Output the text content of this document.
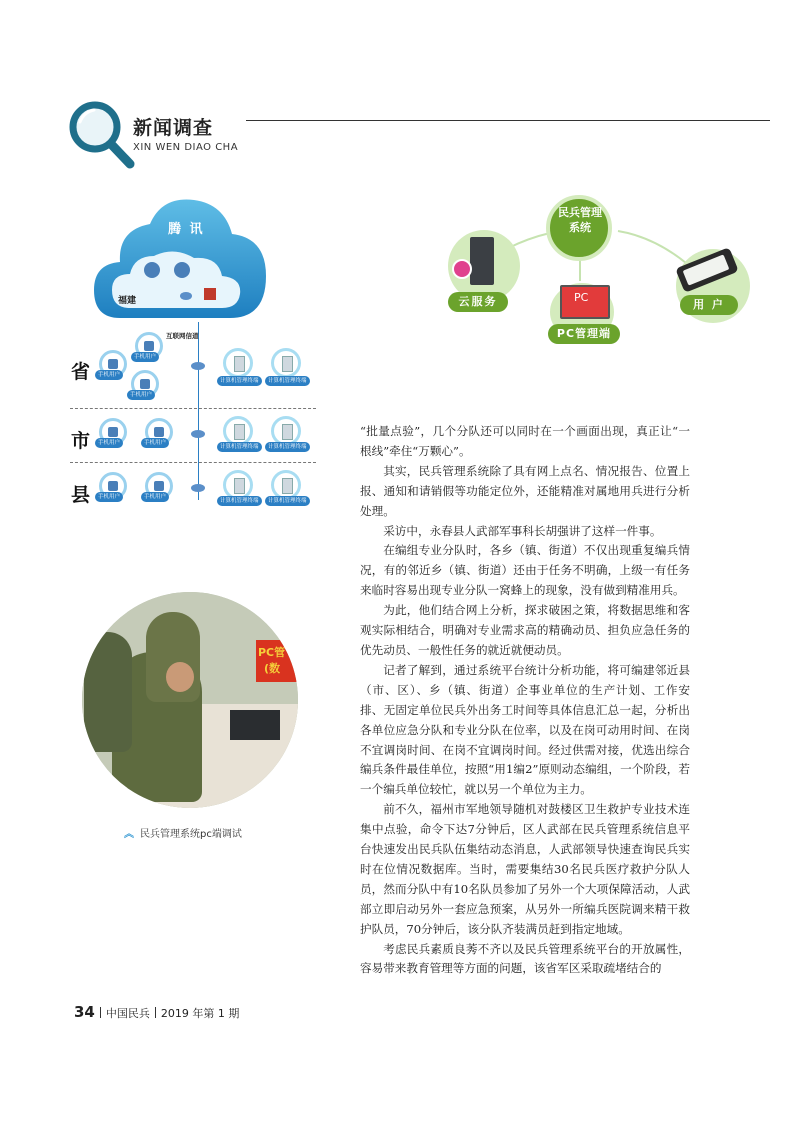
新闻调查
XIN WEN DIAO CHA
腾 讯
福建
互联网信道
省
市
县
手机用户
手机用户
手机用户
计算机管理终端	计算机管理终端
手机用户	手机用户
计算机管理终端	计算机管理终端
手机用户	手机用户
计算机管理终端	计算机管理终端
民兵管理系统
云服务	PC
PC管理端
用 户
PC管
(数
︽ 民兵管理系统pc端调试

“批量点验”，几个分队还可以同时在一个画面出现，真正让“一根线”牵住“万颗心”。

其实，民兵管理系统除了具有网上点名、情况报告、位置上报、通知和请销假等功能定位外，还能精准对属地用兵进行分析处理。

采访中，永春县人武部军事科长胡强讲了这样一件事。

在编组专业分队时，各乡（镇、街道）不仅出现重复编兵情况，有的邻近乡（镇、街道）还由于任务不明确，上级一有任务来临时容易出现专业分队一窝蜂上的现象，没有做到精准用兵。

为此，他们结合网上分析，探求破困之策，将数据思维和客观实际相结合，明确对专业需求高的精确动员、担负应急任务的优先动员、一般性任务的就近就便动员。

记者了解到，通过系统平台统计分析功能，将可编建邻近县（市、区）、乡（镇、街道）企事业单位的生产计划、工作安排、无固定单位民兵外出务工时间等具体信息汇总一起，分析出各单位应急分队和专业分队在位率，以及在岗可动用时间、在岗不宜调岗时间、在岗不宜调岗时间。经过供需对接，优选出综合编兵条件最佳单位，按照“用1编2”原则动态编组，一个阶段，若一个编兵单位较忙，就以另一个单位为主力。

前不久，福州市军地领导随机对鼓楼区卫生救护专业技术连集中点验，命令下达7分钟后，区人武部在民兵管理系统信息平台快速发出民兵队伍集结动态消息，人武部领导快速查询民兵实时在位情况数据库。当时，需要集结30名民兵医疗救护分队人员，然而分队中有10名队员参加了另外一个大项保障活动，人武部立即启动另外一套应急预案，从另外一所编兵医院调来精干救护队员，70分钟后，该分队齐装满员赶到指定地域。

考虑民兵素质良莠不齐以及民兵管理系统平台的开放属性，容易带来教育管理等方面的问题，该省军区采取疏堵结合的

34 中国民兵 2019 年第 1 期
